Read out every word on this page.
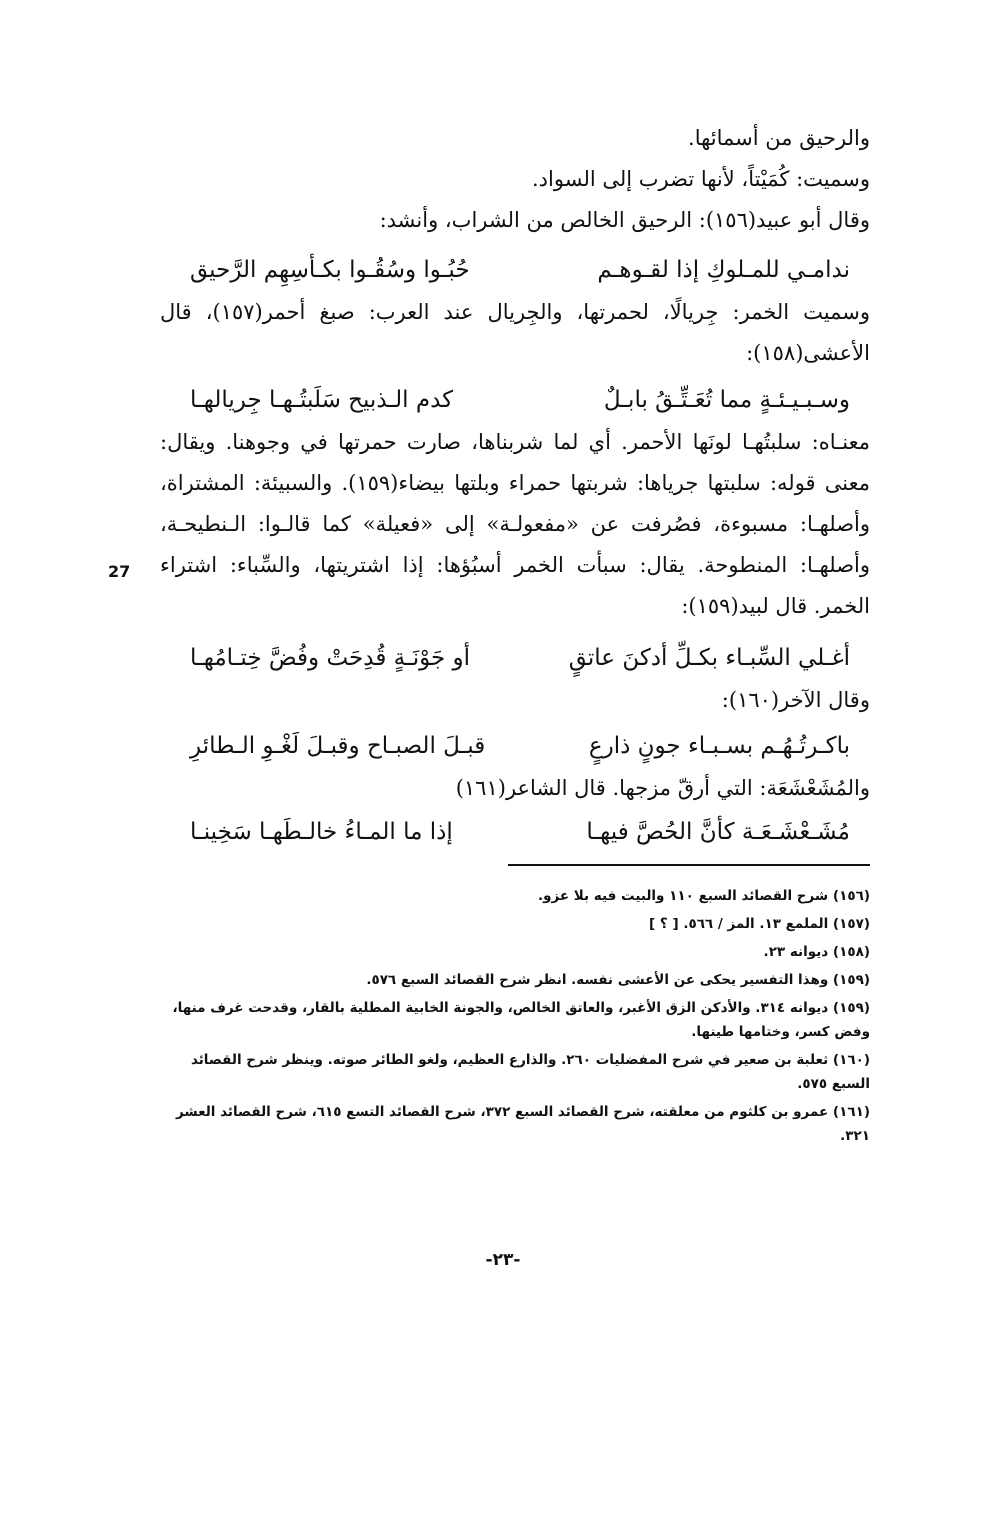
والرحيق من أسمائها.
وسميت: كُمَيْتاً، لأنها تضرب إلى السواد.
وقال أبو عبيد(١٥٦): الرحيق الخالص من الشراب، وأنشد:
ندامـي للمـلوكِ إذا لقـوهـم
حُبُـوا وسُقُـوا بكـأسِهِم الرَّحيق
وسميت الخمر: جِريالًا، لحمرتها، والجِريال عند العرب: صبغ أحمر(١٥٧)، قال
الأعشى(١٥٨):
وسـبـيـئـةٍ مما تُعَـتِّـقُ بابـلٌ
كدم الـذبيح سَلَبتُـهـا جِريالهـا
معنـاه: سلبتُهـا لونَها الأحمر. أي لما شربناها، صارت حمرتها في وجوهنا. ويقال:
معنى قوله: سلبتها جرياها: شربتها حمراء وبلتها بيضاء(١٥٩). والسبيئة: المشتراة،
وأصلهـا: مسبوءة، فصُرفت عن «مفعولـة» إلى «فعيلة» كما قالـوا: الـنطيحـة،
وأصلهـا: المنطوحة. يقال: سبأت الخمر أسبُؤها: إذا اشتريتها، والسِّباء: اشتراء
الخمر. قال لبيد(١٥٩):
27
أغـلي السِّبـاء بكـلِّ أدكنَ عاتقٍ
أو جَوْنَـةٍ قُدِحَتْ وفُضَّ خِتـامُهـا
وقال الآخر(١٦٠):
باكـرتُـهُـم بسـبـاء جونٍ ذارعٍ
قبـلَ الصبـاح وقبـلَ لَغْـوِ الـطائرِ
والمُشَعْشَعَة: التي أرقّ مزجها. قال الشاعر(١٦١)
مُشَـعْشَـعَـة كأنَّ الحُصَّ فيهـا
إذا ما المـاءُ خالـطَهـا سَخِينـا
(١٥٦) شرح القصائد السبع ١١٠ والبيت فيه بلا عزو.
(١٥٧) الملمع ١٣. المز / ٥٦٦. [ ؟ ]
(١٥٨) ديوانه ٢٣.
(١٥٩) وهذا التفسير يحكى عن الأعشى نفسه. انظر شرح القصائد السبع ٥٧٦.
(١٥٩) ديوانه ٣١٤. والأدكن الزق الأغبر، والعاتق الخالص، والجونة الخابية المطلية بالقار، وقدحت غرف منها، وفض كسر، وختامها طينها.
(١٦٠) ثعلبة بن صعير في شرح المفضليات ٢٦٠. والذارع العظيم، ولغو الطائر صوته. وينظر شرح القصائد السبع ٥٧٥.
(١٦١) عمرو بن كلثوم من معلقته، شرح القصائد السبع ٣٧٢، شرح القصائد التسع ٦١٥، شرح القصائد العشر ٣٢١.
-٢٣-
